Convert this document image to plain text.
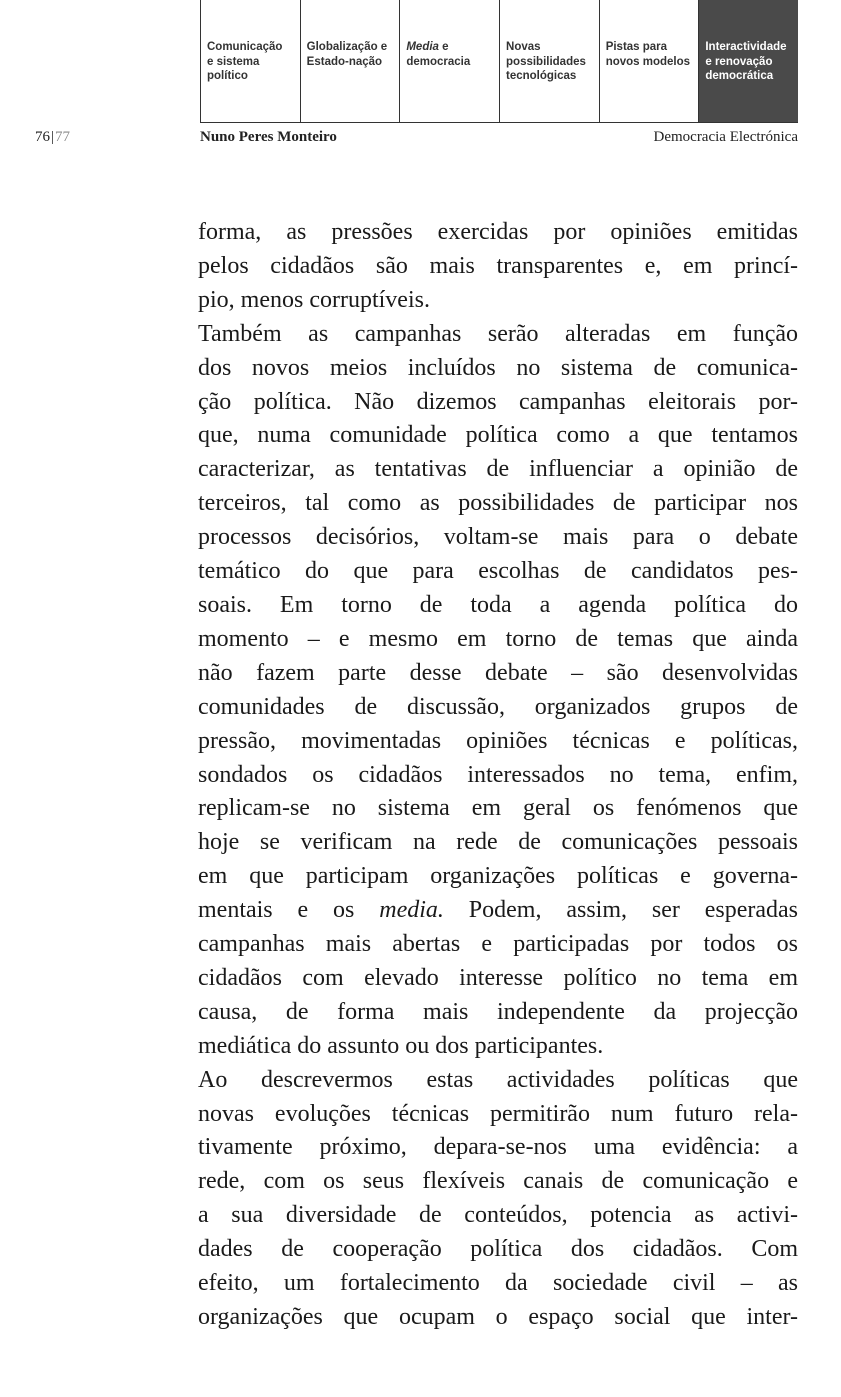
Comunicação
e sistema
político
Globalização e
Estado-nação
Media e
democracia
Novas
possibilidades
tecnológicas
Pistas para
novos modelos
Interactividade
e renovação
democrática
76|77	Nuno Peres Monteiro	Democracia Electrónica
forma, as pressões exercidas por opiniões emitidas
pelos cidadãos são mais transparentes e, em princí-
pio, menos corruptíveis.
Também as campanhas serão alteradas em função
dos novos meios incluídos no sistema de comunica-
ção política. Não dizemos campanhas eleitorais por-
que, numa comunidade política como a que tentamos
caracterizar, as tentativas de influenciar a opinião de
terceiros, tal como as possibilidades de participar nos
processos decisórios, voltam-se mais para o debate
temático do que para escolhas de candidatos pes-
soais. Em torno de toda a agenda política do
momento – e mesmo em torno de temas que ainda
não fazem parte desse debate – são desenvolvidas
comunidades de discussão, organizados grupos de
pressão, movimentadas opiniões técnicas e políticas,
sondados os cidadãos interessados no tema, enfim,
replicam-se no sistema em geral os fenómenos que
hoje se verificam na rede de comunicações pessoais
em que participam organizações políticas e governa-
mentais e os media. Podem, assim, ser esperadas
campanhas mais abertas e participadas por todos os
cidadãos com elevado interesse político no tema em
causa, de forma mais independente da projecção
mediática do assunto ou dos participantes.
Ao descrevermos estas actividades políticas que
novas evoluções técnicas permitirão num futuro rela-
tivamente próximo, depara-se-nos uma evidência: a
rede, com os seus flexíveis canais de comunicação e
a sua diversidade de conteúdos, potencia as activi-
dades de cooperação política dos cidadãos. Com
efeito, um fortalecimento da sociedade civil – as
organizações que ocupam o espaço social que inter-
